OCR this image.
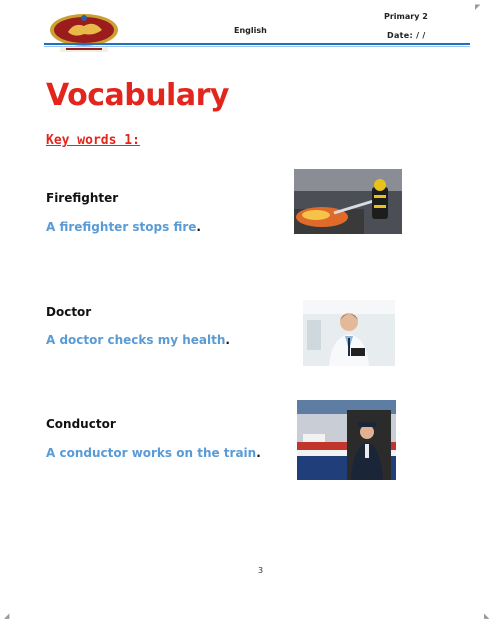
English
Primary 2
Date: / /
Vocabulary
Key words 1:
Firefighter
A firefighter stops fire.
Doctor
A doctor checks my health.
Conductor
A conductor works on the train.
3
◢	◣
◤
